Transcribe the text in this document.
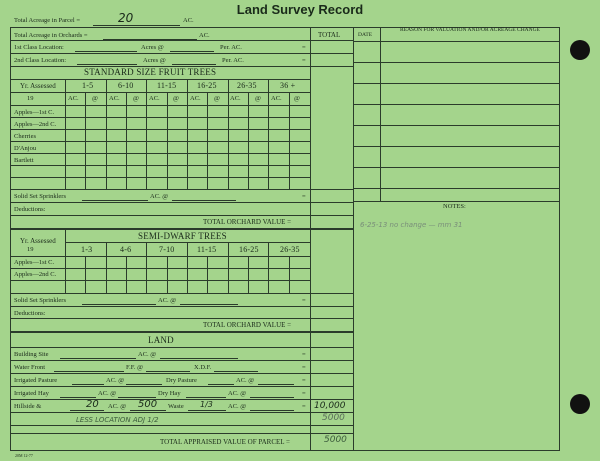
Land Survey Record
Total Acreage in Parcel =	20	AC.
TOTAL	DATE
REASON FOR VALUATION AND/OR ACREAGE CHANGE
NOTES:
6-25-13 no change — mm 31
Total Acreage in Orchards =	AC.
1st Class Location:	Acres @	Per. AC.	=
2nd Class Location:	Acres @	Per. AC.	=
STANDARD SIZE FRUIT TREES
Yr. Assessed	1-5	6-10	11-15	16-25	26-35	36 +
19	AC. @ AC. @ AC. @ AC. @ AC. @ AC. @
Apples—1st C.
Apples—2nd C.
Cherries
D'Anjou
Bartlett
Solid Set Sprinklers	AC. @	=
Deductions:
TOTAL ORCHARD VALUE =
Yr. Assessed	SEMI-DWARF TREES
19	1-3	4-6	7-10	11-15	16-25	26-35
Apples—1st C.
Apples—2nd C.
Solid Set Sprinklers	AC. @	=
Deductions:
TOTAL ORCHARD VALUE =
LAND
Building Site	AC. @	=
Water Front	F.F. @	X.D.F.	=
Irrigated Pasture	AC. @	Dry Pasture	AC. @	=
Irrigated Hay	AC. @	Dry Hay	AC. @	=
Hillside &	20 AC. @ 500 Waste 1/3 AC. @	= 10,000
LESS LOCATION ADJ 1/2	5000
TOTAL APPRAISED VALUE OF PARCEL =	5000
20M 12-77
